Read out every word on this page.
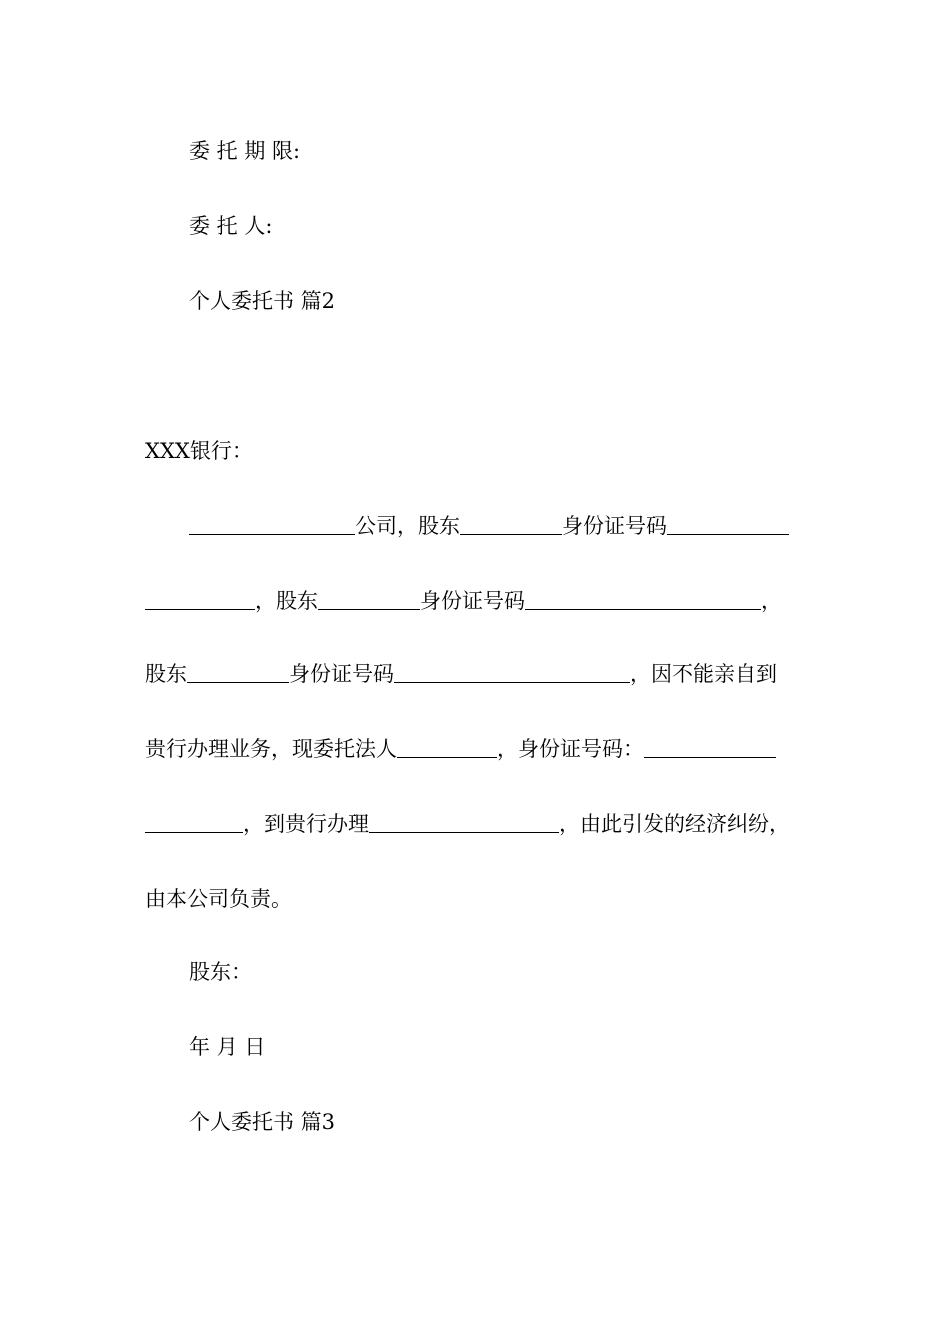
委 托 期 限:
委 托 人:
个人委托书 篇2
XXX银行：
公司，股东	身份证号码
，股东	身份证号码	，
股东	身份证号码	，因不能亲自到
贵行办理业务，现委托法人	，身份证号码：
，到贵行办理	，由此引发的经济纠纷，
由本公司负责。
股东：
年 月 日
个人委托书 篇3
